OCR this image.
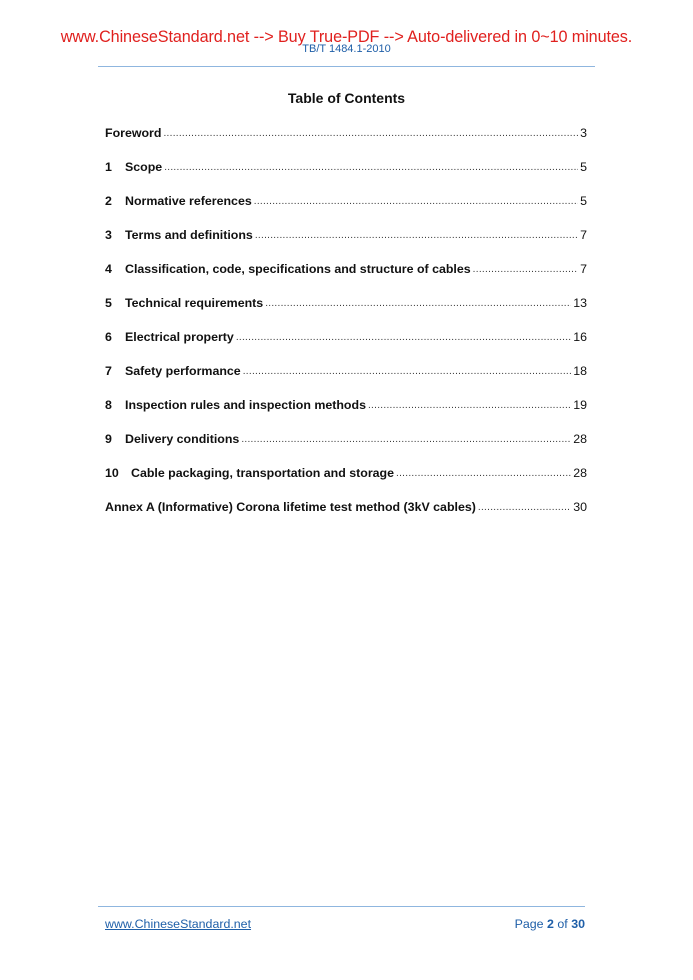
www.ChineseStandard.net --> Buy True-PDF --> Auto-delivered in 0~10 minutes.
TB/T 1484.1-2010
Table of Contents
Foreword .....	3
1	Scope .....	5
2	Normative references .....	5
3	Terms and definitions .....	7
4	Classification, code, specifications and structure of cables .....	7
5	Technical requirements .....	13
6	Electrical property .....	16
7	Safety performance .....	18
8	Inspection rules and inspection methods .....	19
9	Delivery conditions .....	28
10 Cable packaging, transportation and storage .....	28
Annex A (Informative) Corona lifetime test method (3kV cables) .....	30
www.ChineseStandard.net	Page 2 of 30
